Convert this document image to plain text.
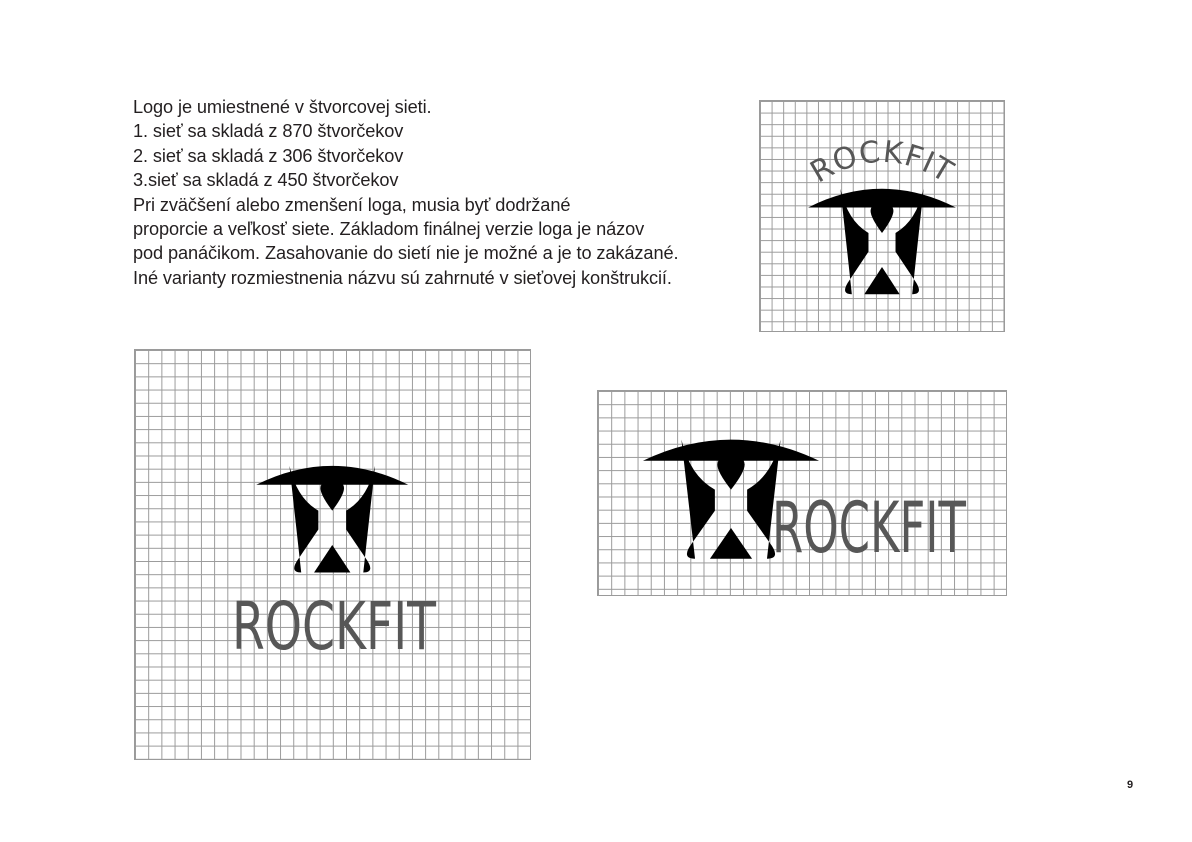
Logo je umiestnené v štvorcovej sieti.

1. sieť sa skladá z 870 štvorčekov

2. sieť sa skladá z 306 štvorčekov

3.sieť sa skladá z 450 štvorčekov

Pri zväčšení alebo zmenšení loga, musia byť dodržané

proporcie a veľkosť siete. Základom finálnej verzie loga je názov

pod panáčikom. Zasahovanie do sietí nie je možné a je to zakázané.

Iné varianty rozmiestnenia názvu sú zahrnuté v sieťovej konštrukcií.

ROCKFIT
ROCKFIT
ROCKFIT
9
